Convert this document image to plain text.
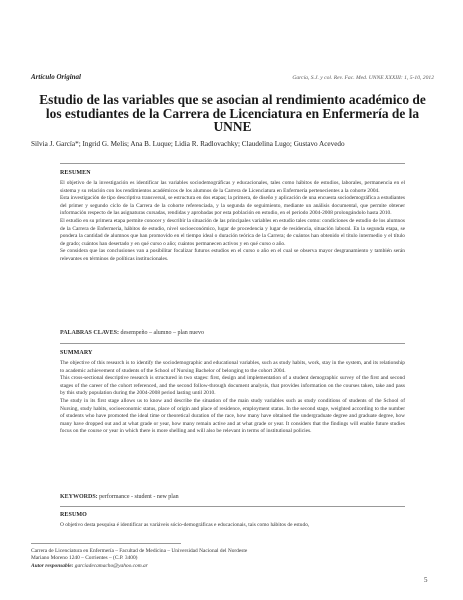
Artículo Original	García, S.J. y col. Rev. Fac. Med. UNNE XXXIII: 1, 5-10, 2012
Estudio de las variables que se asocian al rendimiento académico de los estudiantes de la Carrera de Licenciatura en Enfermería de la UNNE
Silvia J. García*; Ingrid G. Melis; Ana B. Luque; Lidia R. Radlovachky; Claudelina Lugo; Gustavo Acevedo
RESUMEN

El objetivo de la investigación es identificar las variables sociodemográficas y educacionales, tales como hábitos de estudios, laborales, permanencia en el sistema y su relación con los rendimientos académicos de los alumnos de la Carrera de Licenciatura en Enfermería pertenecientes a la cohorte 2004.

Esta investigación de tipo descriptiva transversal, se estructura en dos etapas; la primera, de diseño y aplicación de una encuesta sociodemográfica a estudiantes del primer y segundo ciclo de la Carrera de la cohorte referenciada, y la segunda de seguimiento, mediante un análisis documental, que permite obtener información respecto de las asignaturas cursadas, rendidas y aprobadas por esta población en estudio, en el periodo 2004-2008 prolongándolo hasta 2010.

El estudio en su primera etapa permite conocer y describir la situación de las principales variables en estudio tales como: condiciones de estudio de los alumnos de la Carrera de Enfermería, hábitos de estudio, nivel socioeconómico, lugar de procedencia y lugar de residencia, situación laboral. En la segunda etapa, se pondera la cantidad de alumnos que han promovido en el tiempo ideal o duración teórica de la Carrera; de cuántos han obtenido el título intermedio y el título de grado; cuántos han desertado y en qué curso o año; cuántos permanecen activos y en qué curso o año.

Se considera que las conclusiones van a posibilitar focalizar futuros estudios en el curso o año en el cual se observa mayor desgranamiento y también serán relevantes en términos de políticas institucionales.

PALABRAS CLAVES: desempeño – alumno – plan nuevo
SUMMARY

The objective of this research is to identify the sociodemographic and educational variables, such as study habits, work, stay in the system, and its relationship to academic achievement of students of the School of Nursing Bachelor of belonging to the cohort 2004.

This cross-sectional descriptive research is structured in two stages: first, design and implementation of a student demographic survey of the first and second stages of the career of the cohort referenced, and the second follow-through document analysis, that provides information on the courses taken, take and pass by this study population during the 2004-2008 period lasting until 2010.

The study in its first stage allows us to know and describe the situation of the main study variables such as study conditions of students of the School of Nursing, study habits, socioeconomic status, place of origin and place of residence, employment status. In the second stage, weighted according to the number of students who have promoted the ideal time or theoretical duration of the race, how many have obtained the undergraduate degree and graduate degree, how many have dropped out and at what grade or year, how many remain active and at what grade or year. It considers that the findings will enable future studies focus on the course or year in which there is more shelling and will also be relevant in terms of institutional policies.

KEYWORDS: performance - student - new plan
RESUMO

O objetivo desta pesquisa é identificar as variáveis sócio-demográficas e educacionais, tais como hábitos de estudo,

Carrera de Licenciatura en Enfermería – Facultad de Medicina – Universidad Nacional del Nordeste
Mariano Moreno 1240 – Corrientes – (C.P. 3400)
Autor responsable: garciadecamacho@yahoo.com.ar
5
